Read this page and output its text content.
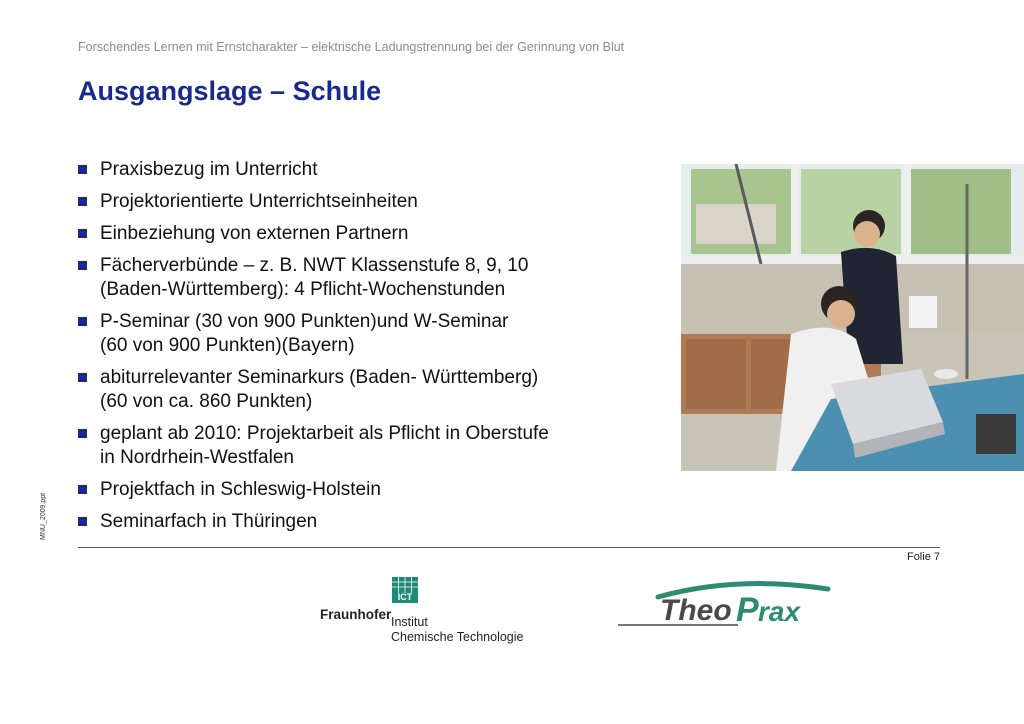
Forschendes Lernen mit Ernstcharakter – elektrische Ladungstrennung bei der Gerinnung von Blut
Ausgangslage – Schule
Praxisbezug im Unterricht
Projektorientierte Unterrichtseinheiten
Einbeziehung von externen Partnern
Fächerverbünde – z. B. NWT Klassenstufe 8, 9, 10
(Baden-Württemberg): 4 Pflicht-Wochenstunden
P-Seminar (30 von 900 Punkten)und W-Seminar
(60 von 900 Punkten)(Bayern)
abiturrelevanter Seminarkurs (Baden- Württemberg)
(60 von ca. 860 Punkten)
geplant ab 2010: Projektarbeit als Pflicht in Oberstufe
in Nordrhein-Westfalen
Projektfach in Schleswig-Holstein
Seminarfach in Thüringen
MNU_2009.ppt
Folie 7
ICT
Fraunhofer Institut
Chemische Technologie
Theo P rax
